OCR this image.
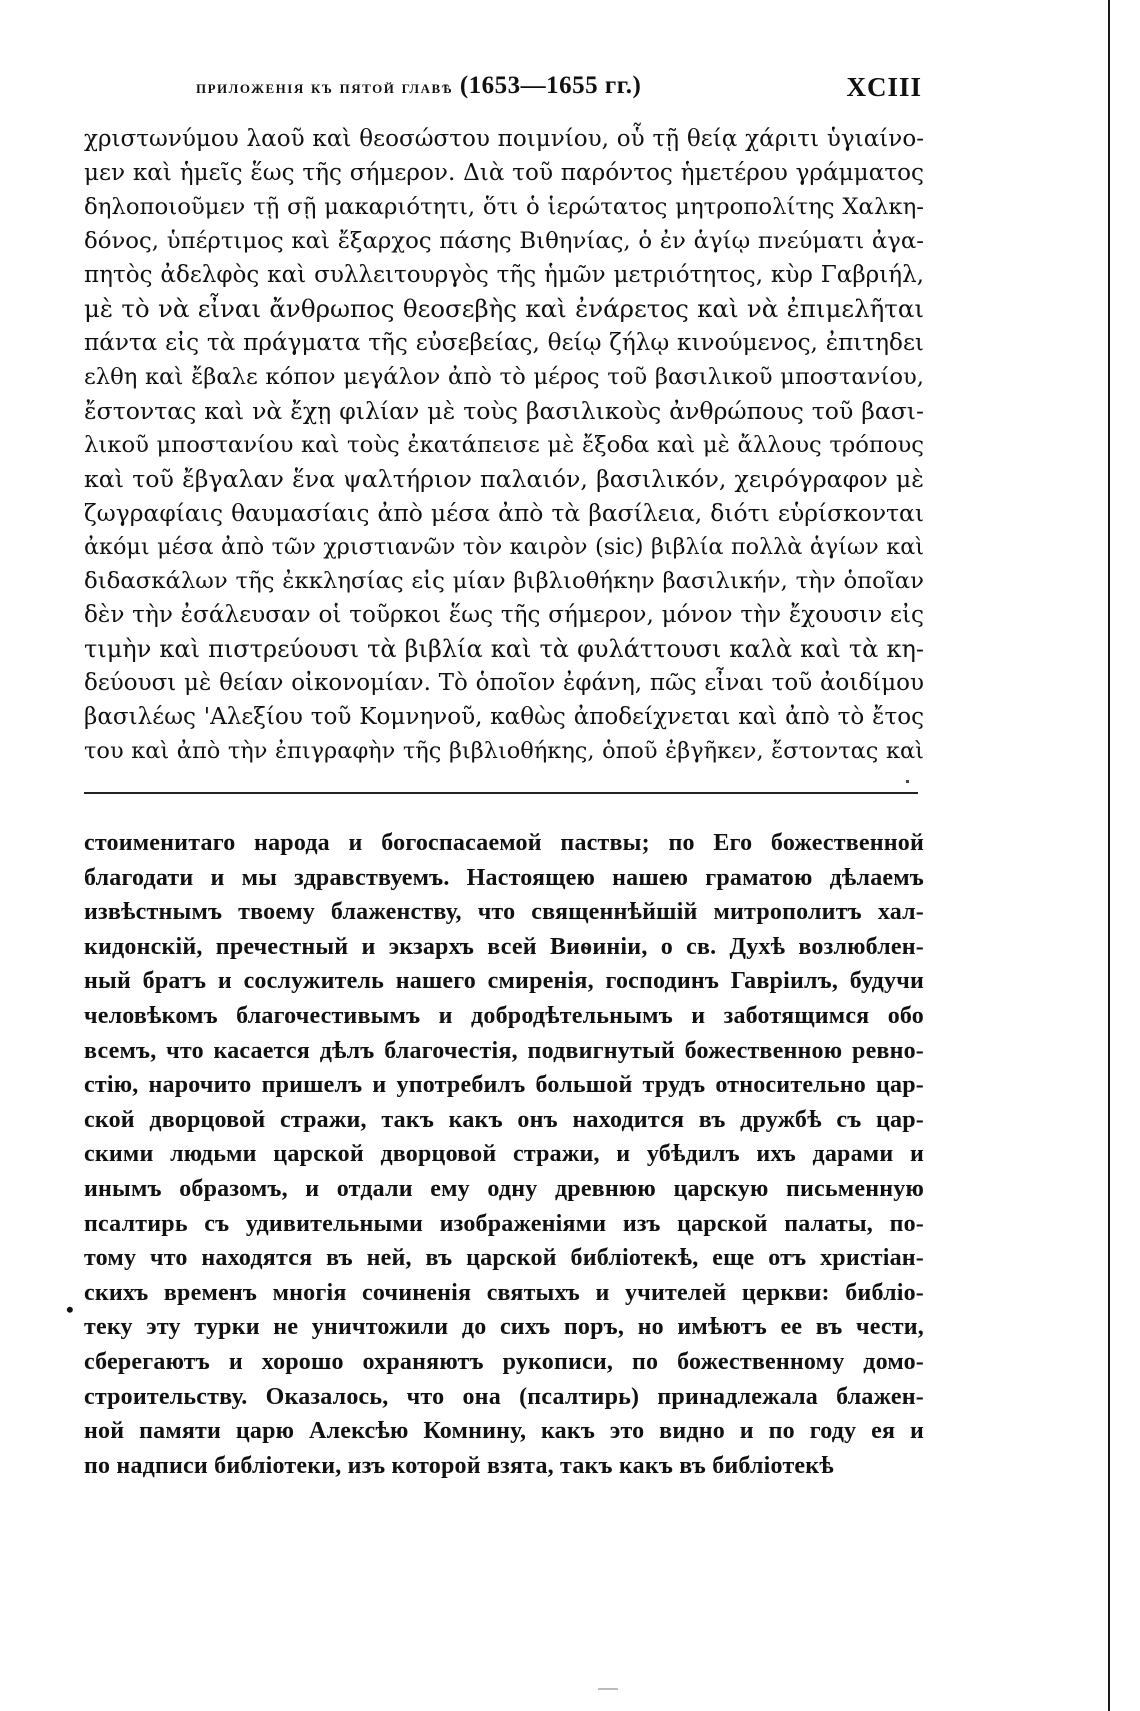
приложенія къ пятой главѣ (1653—1655 гг.)	XCIII
χριστωνύμου λαοῦ καὶ θεοσώστου ποιμνίου, οὗ τῇ θείᾳ χάριτι ὑγιαίνο-
μεν καὶ ἡμεῖς ἕως τῆς σήμερον. Διὰ τοῦ παρόντος ἡμετέρου γράμματος
δηλοποιοῦμεν τῇ σῇ μακαριότητι, ὅτι ὁ ἱερώτατος μητροπολίτης Χαλκη-
δόνος, ὑπέρτιμος καὶ ἔξαρχος πάσης Βιθηνίας, ὁ ἐν ἁγίῳ πνεύματι ἀγα-
πητὸς ἀδελφὸς καὶ συλλειτουργὸς τῆς ἡμῶν μετριότητος, κὺρ Γαβριήλ,
μὲ τὸ νὰ εἶναι ἄνθρωπος θεοσεβὴς καὶ ἐνάρετος καὶ νὰ ἐπιμελῆται
πάντα εἰς τὰ πράγματα τῆς εὐσεβείας, θείῳ ζήλῳ κινούμενος, ἐπιτηδει
ελθη καὶ ἔβαλε κόπον μεγάλον ἀπὸ τὸ μέρος τοῦ βασιλικοῦ μποστανίου,
ἔστοντας καὶ νὰ ἔχῃ φιλίαν μὲ τοὺς βασιλικοὺς ἀνθρώπους τοῦ βασι-
λικοῦ μποστανίου καὶ τοὺς ἐκατάπεισε μὲ ἔξοδα καὶ μὲ ἄλλους τρόπους
καὶ τοῦ ἔβγαλαν ἕνα ψαλτήριον παλαιόν, βασιλικόν, χειρόγραφον μὲ
ζωγραφίαις θαυμασίαις ἀπὸ μέσα ἀπὸ τὰ βασίλεια, διότι εὑρίσκονται
ἀκόμι μέσα ἀπὸ τῶν χριστιανῶν τὸν καιρὸν (sic) βιβλία πολλὰ ἁγίων καὶ
διδασκάλων τῆς ἐκκλησίας εἰς μίαν βιβλιοθήκην βασιλικήν, τὴν ὁποῖαν
δὲν τὴν ἐσάλευσαν οἱ τοῦρκοι ἕως τῆς σήμερον, μόνον τὴν ἔχουσιν εἰς
τιμὴν καὶ πιστρεύουσι τὰ βιβλία καὶ τὰ φυλάττουσι καλὰ καὶ τὰ κη-
δεύουσι μὲ θείαν οἰκονομίαν. Τὸ ὁποῖον ἐφάνη, πῶς εἶναι τοῦ ἀοιδίμου
βασιλέως 'Αλεξίου τοῦ Κομνηνοῦ, καθὼς ἀποδείχνεται καὶ ἀπὸ τὸ ἔτος
του καὶ ἀπὸ τὴν ἐπιγραφὴν τῆς βιβλιοθήκης, ὁποῦ ἐβγῆκεν, ἔστοντας καὶ
стоименитаго народа и богоспасаемой паствы; по Его божественной
благодати и мы здравствуемъ. Настоящею нашею граматою дѣлаемъ
извѣстнымъ твоему блаженству, что священнѣйшій митрополитъ хал-
кидонскій, пречестный и экзархъ всей Виѳиніи, о св. Духѣ возлюблен-
ный братъ и сослужитель нашего смиренія, господинъ Гавріилъ, будучи
человѣкомъ благочестивымъ и добродѣтельнымъ и заботящимся обо
всемъ, что касается дѣлъ благочестія, подвигнутый божественною ревно-
стію, нарочито пришелъ и употребилъ большой трудъ относительно цар-
ской дворцовой стражи, такъ какъ онъ находится въ дружбѣ съ цар-
скими людьми царской дворцовой стражи, и убѣдилъ ихъ дарами и
инымъ образомъ, и отдали ему одну древнюю царскую письменную
псалтирь съ удивительными изображеніями изъ царской палаты, по-
тому что находятся въ ней, въ царской библіотекѣ, еще отъ христіан-
скихъ временъ многія сочиненія святыхъ и учителей церкви: библіо-
теку эту турки не уничтожили до сихъ поръ, но имѣютъ ее въ чести,
сберегаютъ и хорошо охраняютъ рукописи, по божественному домо-
строительству. Оказалось, что она (псалтирь) принадлежала блажен-
ной памяти царю Алексѣю Комнину, какъ это видно и по году ея и
по надписи библіотеки, изъ которой взята, такъ какъ въ библіотекѣ
•
